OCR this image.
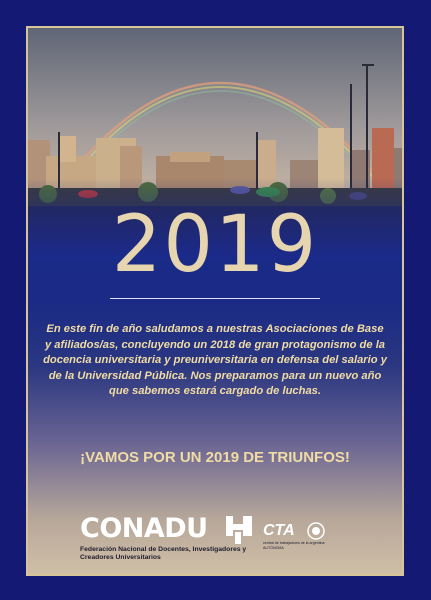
2019

En este fin de año saludamos a nuestras Asociaciones de Base y afiliados/as, concluyendo un 2018 de gran protagonismo de la docencia universitaria y preuniversitaria en defensa del salario y de la Universidad Pública. Nos preparamos para un nuevo año que sabemos estará cargado de luchas.

¡VAMOS POR UN 2019 DE TRIUNFOS!

CONADU
Federación Nacional de Docentes, Investigadores y Creadores Universitarios
CTA
central de trabajadores de la argentina AUTÓNOMA
